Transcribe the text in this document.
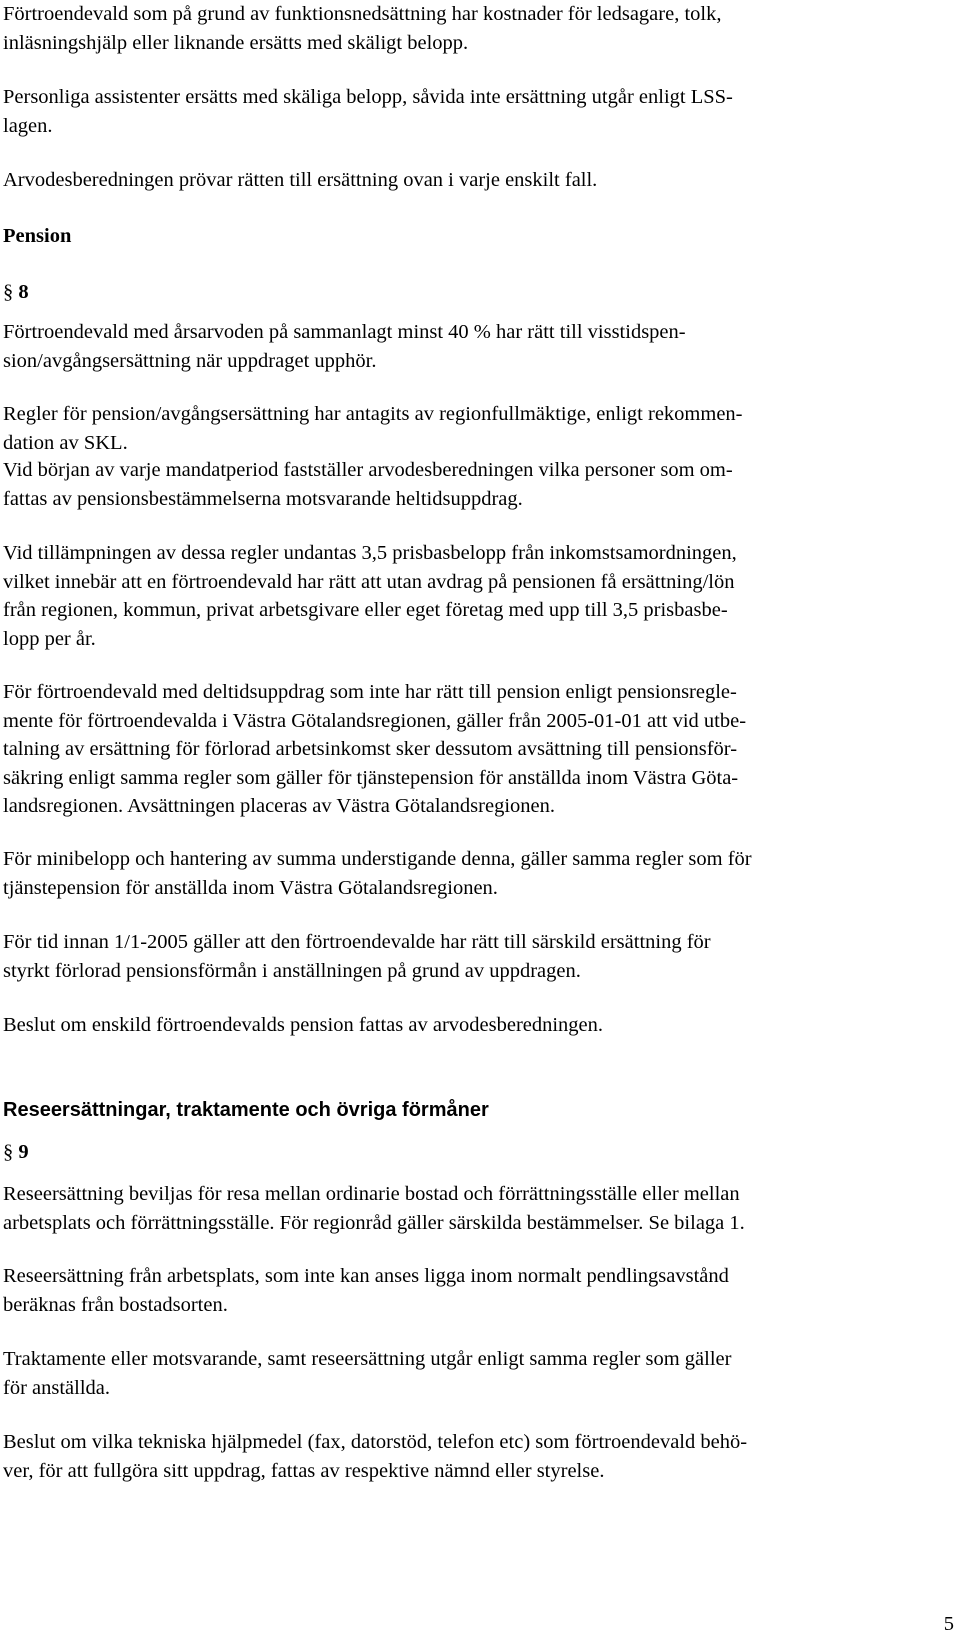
Förtroendevald som på grund av funktionsnedsättning har kostnader för ledsagare, tolk,
inläsningshjälp eller liknande ersätts med skäligt belopp.

Personliga assistenter ersätts med skäliga belopp, såvida inte ersättning utgår enligt LSS-
lagen.

Arvodesberedningen prövar rätten till ersättning ovan i varje enskilt fall.

Pension

§ 8

Förtroendevald med årsarvoden på sammanlagt minst 40 % har rätt till visstidspen-
sion/avgångsersättning när uppdraget upphör.

Regler för pension/avgångsersättning har antagits av regionfullmäktige, enligt rekommen-
dation av SKL.

Vid början av varje mandatperiod fastställer arvodesberedningen vilka personer som om-
fattas av pensionsbestämmelserna motsvarande heltidsuppdrag.

Vid tillämpningen av dessa regler undantas 3,5 prisbasbelopp från inkomstsamordningen,
vilket innebär att en förtroendevald har rätt att utan avdrag på pensionen få ersättning/lön
från regionen, kommun, privat arbetsgivare eller eget företag med upp till 3,5 prisbasbe-
lopp per år.

För förtroendevald med deltidsuppdrag som inte har rätt till pension enligt pensionsregle-
mente för förtroendevalda i Västra Götalandsregionen, gäller från 2005-01-01 att vid utbe-
talning av ersättning för förlorad arbetsinkomst sker dessutom avsättning till pensionsför-
säkring enligt samma regler som gäller för tjänstepension för anställda inom Västra Göta-
landsregionen. Avsättningen placeras av Västra Götalandsregionen.

För minibelopp och hantering av summa understigande denna, gäller samma regler som för
tjänstepension för anställda inom Västra Götalandsregionen.

För tid innan 1/1-2005 gäller att den förtroendevalde har rätt till särskild ersättning för
styrkt förlorad pensionsförmån i anställningen på grund av uppdragen.

Beslut om enskild förtroendevalds pension fattas av arvodesberedningen.

Reseersättningar, traktamente och övriga förmåner

§ 9

Reseersättning beviljas för resa mellan ordinarie bostad och förrättningsställe eller mellan
arbetsplats och förrättningsställe. För regionråd gäller särskilda bestämmelser. Se bilaga 1.

Reseersättning från arbetsplats, som inte kan anses ligga inom normalt pendlingsavstånd
beräknas från bostadsorten.

Traktamente eller motsvarande, samt reseersättning utgår enligt samma regler som gäller
för anställda.

Beslut om vilka tekniska hjälpmedel (fax, datorstöd, telefon etc) som förtroendevald behö-
ver, för att fullgöra sitt uppdrag, fattas av respektive nämnd eller styrelse.

5
